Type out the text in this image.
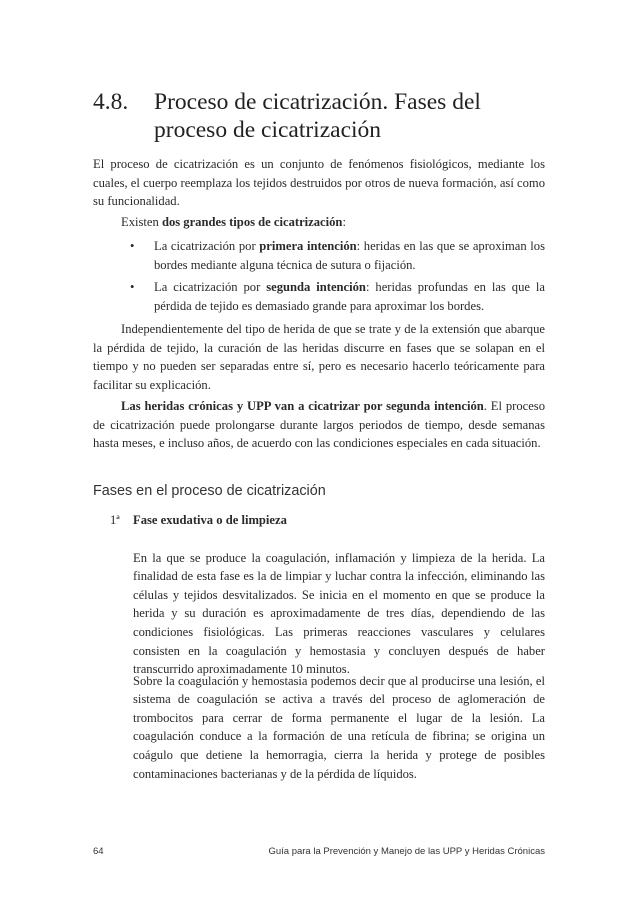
4.8. Proceso de cicatrización. Fases del proceso de cicatrización

El proceso de cicatrización es un conjunto de fenómenos fisiológicos, mediante los cuales, el cuerpo reemplaza los tejidos destruidos por otros de nueva formación, así como su funcionalidad.

Existen dos grandes tipos de cicatrización:

• La cicatrización por primera intención: heridas en las que se aproximan los bordes mediante alguna técnica de sutura o fijación.
• La cicatrización por segunda intención: heridas profundas en las que la pérdida de tejido es demasiado grande para aproximar los bordes.

Independientemente del tipo de herida de que se trate y de la extensión que abarque la pérdida de tejido, la curación de las heridas discurre en fases que se solapan en el tiempo y no pueden ser separadas entre sí, pero es necesario hacerlo teóricamente para facilitar su explicación.

Las heridas crónicas y UPP van a cicatrizar por segunda intención. El proceso de cicatrización puede prolongarse durante largos periodos de tiempo, desde semanas hasta meses, e incluso años, de acuerdo con las condiciones especiales en cada situación.

Fases en el proceso de cicatrización
1ª Fase exudativa o de limpieza

En la que se produce la coagulación, inflamación y limpieza de la herida. La finalidad de esta fase es la de limpiar y luchar contra la infección, eliminando las células y tejidos desvitalizados. Se inicia en el momento en que se produce la herida y su duración es aproximadamente de tres días, dependiendo de las condiciones fisiológicas. Las primeras reacciones vasculares y celulares consisten en la coagulación y hemostasia y concluyen después de haber transcurrido aproximadamente 10 minutos.

Sobre la coagulación y hemostasia podemos decir que al producirse una lesión, el sistema de coagulación se activa a través del proceso de aglomeración de trombocitos para cerrar de forma permanente el lugar de la lesión. La coagulación conduce a la formación de una retícula de fibrina; se origina un coágulo que detiene la hemorragia, cierra la herida y protege de posibles contaminaciones bacterianas y de la pérdida de líquidos.

64	Guía para la Prevención y Manejo de las UPP y Heridas Crónicas
